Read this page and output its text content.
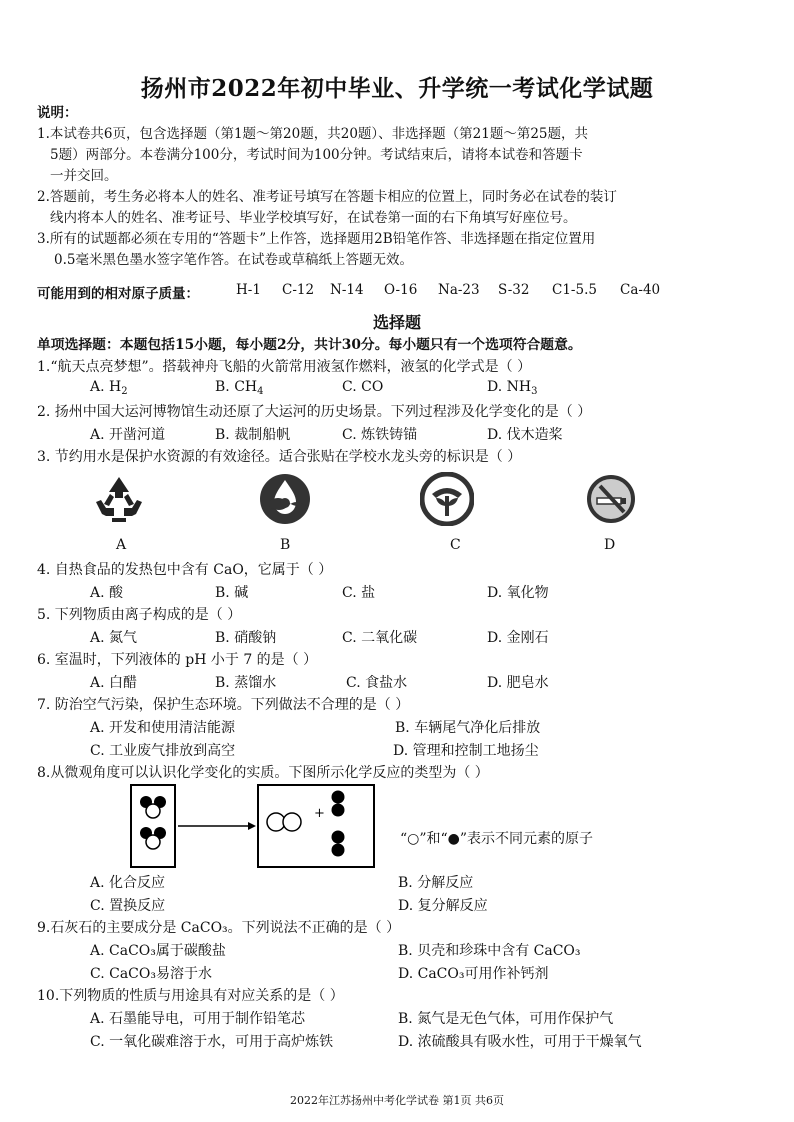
扬州市2022年初中毕业、升学统一考试化学试题
说明：
1.本试卷共6页，包含选择题（第1题～第20题，共20题）、非选择题（第21题～第25题，共
5题）两部分。本卷满分100分，考试时间为100分钟。考试结束后，请将本试卷和答题卡
一并交回。
2.答题前，考生务必将本人的姓名、准考证号填写在答题卡相应的位置上，同时务必在试卷的装订
线内将本人的姓名、准考证号、毕业学校填写好，在试卷第一面的右下角填写好座位号。
3.所有的试题都必须在专用的“答题卡”上作答，选择题用2B铅笔作答、非选择题在指定位置用
0.5毫米黑色墨水签字笔作答。在试卷或草稿纸上答题无效。
可能用到的相对原子质量：	H-1 C-12 N-14 O-16 Na-23 S-32 C1-5.5 Ca-40
选择题
单项选择题：本题包括15小题，每小题2分，共计30分。每小题只有一个选项符合题意。
1.“航天点亮梦想”。搭载神舟飞船的火箭常用液氢作燃料，液氢的化学式是（ ）
A. $H_2$	B. $CH_4$	C. CO	D. $NH_3$
2. 扬州中国大运河博物馆生动还原了大运河的历史场景。下列过程涉及化学变化的是（ ）
A. 开凿河道	B. 裁制船帆	C. 炼铁铸锚	D. 伐木造桨
3. 节约用水是保护水资源的有效途径。适合张贴在学校水龙头旁的标识是（ ）
A	B	C	D
4. 自热食品的发热包中含有 CaO，它属于（ ）
A. 酸	B. 碱	C. 盐	D. 氧化物
5. 下列物质由离子构成的是（ ）
A. 氮气	B. 硝酸钠	C. 二氧化碳	D. 金刚石
6. 室温时，下列液体的 pH 小于 7 的是（ ）
A. 白醋	B. 蒸馏水	C. 食盐水	D. 肥皂水
7. 防治空气污染，保护生态环境。下列做法不合理的是（ ）
A. 开发和使用清洁能源	B. 车辆尾气净化后排放
C. 工业废气排放到高空	D. 管理和控制工地扬尘
8.从微观角度可以认识化学变化的实质。下图所示化学反应的类型为（ ）
+
“○”和“●”表示不同元素的原子
A. 化合反应	B. 分解反应
C. 置换反应	D. 复分解反应
9.石灰石的主要成分是 CaCO₃。下列说法不正确的是（ ）
A. CaCO₃属于碳酸盐	B. 贝壳和珍珠中含有 CaCO₃
C. CaCO₃易溶于水	D. CaCO₃可用作补钙剂
10.下列物质的性质与用途具有对应关系的是（ ）
A. 石墨能导电，可用于制作铅笔芯	B. 氮气是无色气体，可用作保护气
C. 一氧化碳难溶于水，可用于高炉炼铁	D. 浓硫酸具有吸水性，可用于干燥氧气
2022年江苏扬州中考化学试卷 第1页 共6页
